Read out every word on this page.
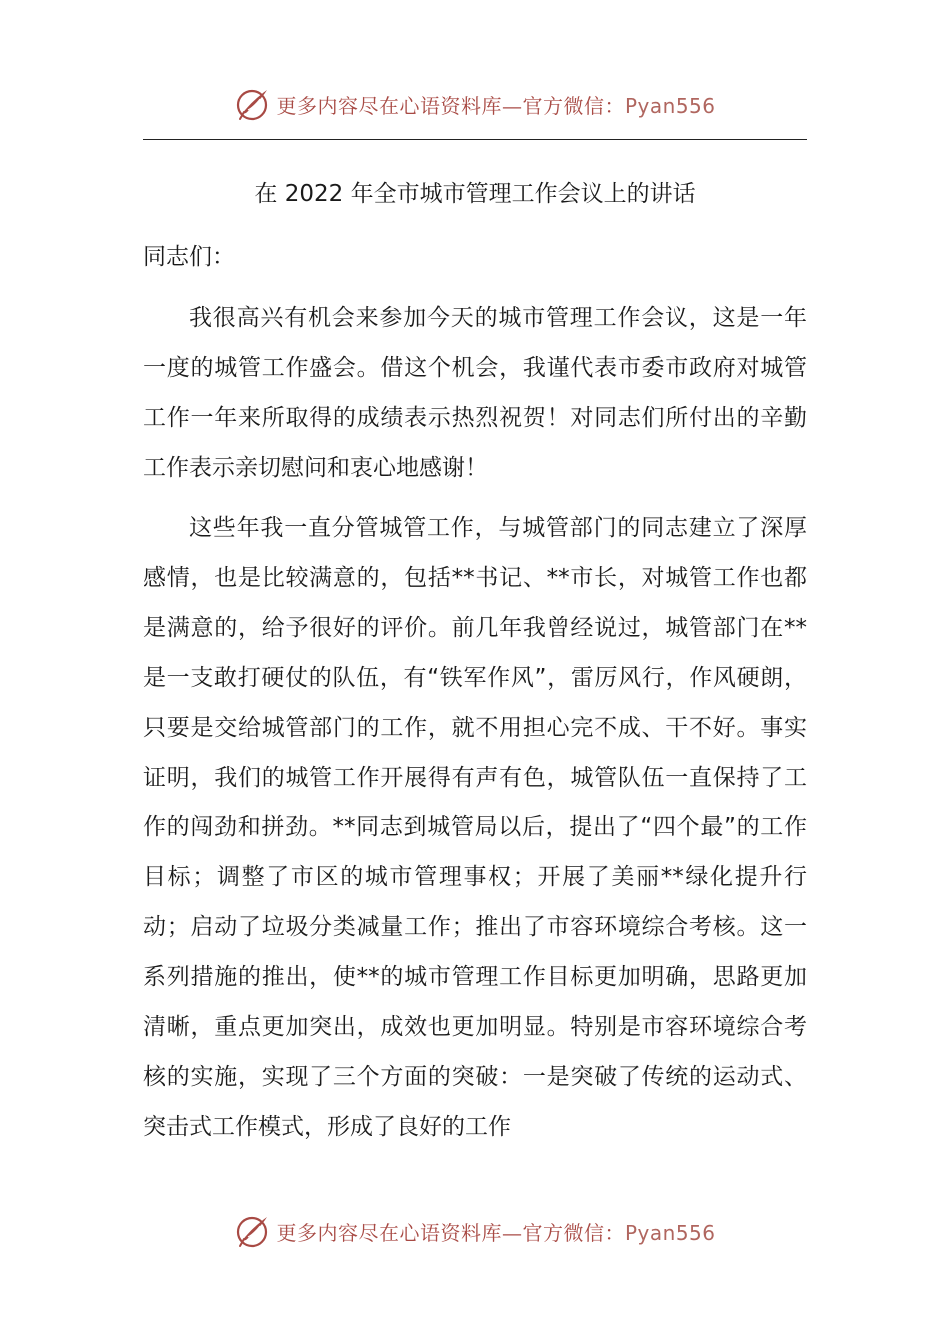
更多内容尽在心语资料库—官方微信：Pyan556
在 2022 年全市城市管理工作会议上的讲话
同志们：

我很高兴有机会来参加今天的城市管理工作会议，这是一年一度的城管工作盛会。借这个机会，我谨代表市委市政府对城管工作一年来所取得的成绩表示热烈祝贺！对同志们所付出的辛勤工作表示亲切慰问和衷心地感谢！

这些年我一直分管城管工作，与城管部门的同志建立了深厚感情，也是比较满意的，包括**书记、**市长，对城管工作也都是满意的，给予很好的评价。前几年我曾经说过，城管部门在**是一支敢打硬仗的队伍，有“铁军作风”，雷厉风行，作风硬朗，只要是交给城管部门的工作，就不用担心完不成、干不好。事实证明，我们的城管工作开展得有声有色，城管队伍一直保持了工作的闯劲和拼劲。**同志到城管局以后，提出了“四个最”的工作目标；调整了市区的城市管理事权；开展了美丽**绿化提升行动；启动了垃圾分类减量工作；推出了市容环境综合考核。这一系列措施的推出，使**的城市管理工作目标更加明确，思路更加清晰，重点更加突出，成效也更加明显。特别是市容环境综合考核的实施，实现了三个方面的突破：一是突破了传统的运动式、突击式工作模式，形成了良好的工作

更多内容尽在心语资料库—官方微信：Pyan556
